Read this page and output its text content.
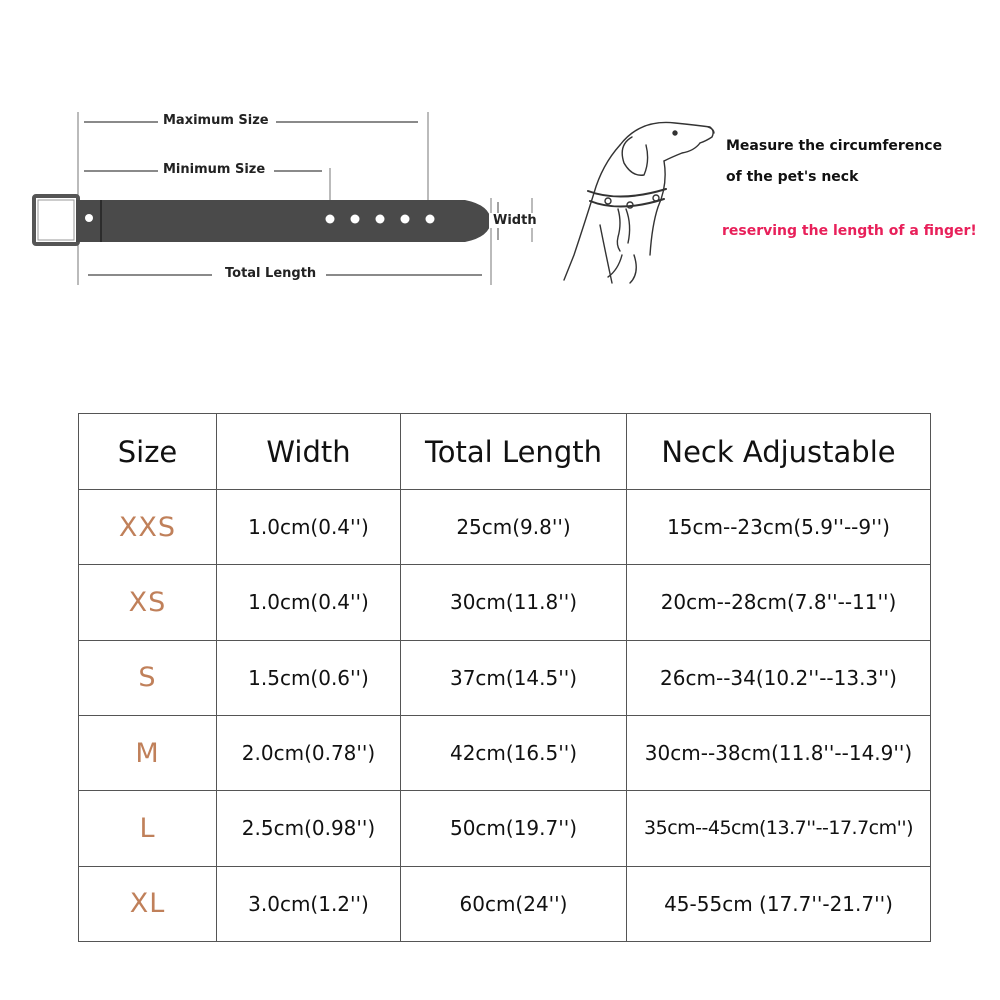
Maximum Size
Minimum Size
Total Length
Width
Measure the circumference
of the pet's neck
reserving the length of a finger!
Size	Width	Total Length	Neck Adjustable
XXS	1.0cm(0.4'')	25cm(9.8'')	15cm--23cm(5.9''--9'')
XS	1.0cm(0.4'')	30cm(11.8'')	20cm--28cm(7.8''--11'')
S	1.5cm(0.6'')	37cm(14.5'')	26cm--34(10.2''--13.3'')
M	2.0cm(0.78'')	42cm(16.5'')	30cm--38cm(11.8''--14.9'')
L	2.5cm(0.98'')	50cm(19.7'')	35cm--45cm(13.7''--17.7cm'')
XL	3.0cm(1.2'')	60cm(24'')	45-55cm (17.7''-21.7'')
